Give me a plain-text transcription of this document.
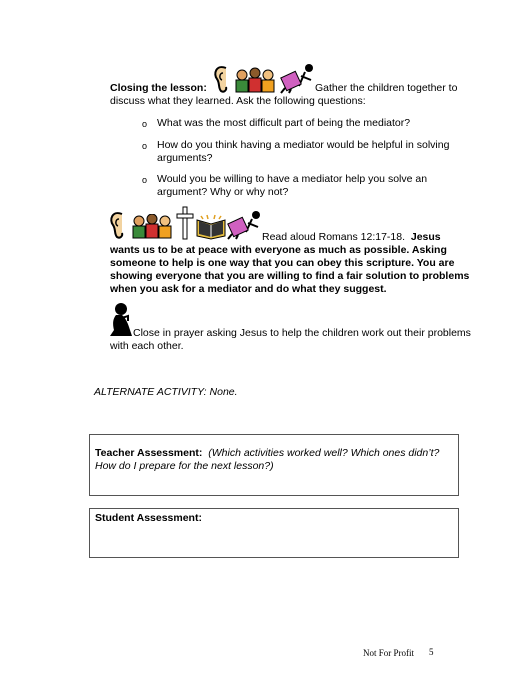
Closing the lesson:	Gather the children together to
discuss what they learned. Ask the following questions:
o What was the most difficult part of being the mediator?
o How do you think having a mediator would be helpful in solving
arguments?
o Would you be willing to have a mediator help you solve an
argument? Why or why not?
Read aloud Romans 12:17-18. Jesus
wants us to be at peace with everyone as much as possible. Asking
someone to help is one way that you can obey this scripture. You are
showing everyone that you are willing to find a fair solution to problems
when you ask for a mediator and do what they suggest.
Close in prayer asking Jesus to help the children work out their problems
with each other.
ALTERNATE ACTIVITY: None.
Teacher Assessment: (Which activities worked well? Which ones didn’t?
How do I prepare for the next lesson?)
Student Assessment:
Not For Profit 5
